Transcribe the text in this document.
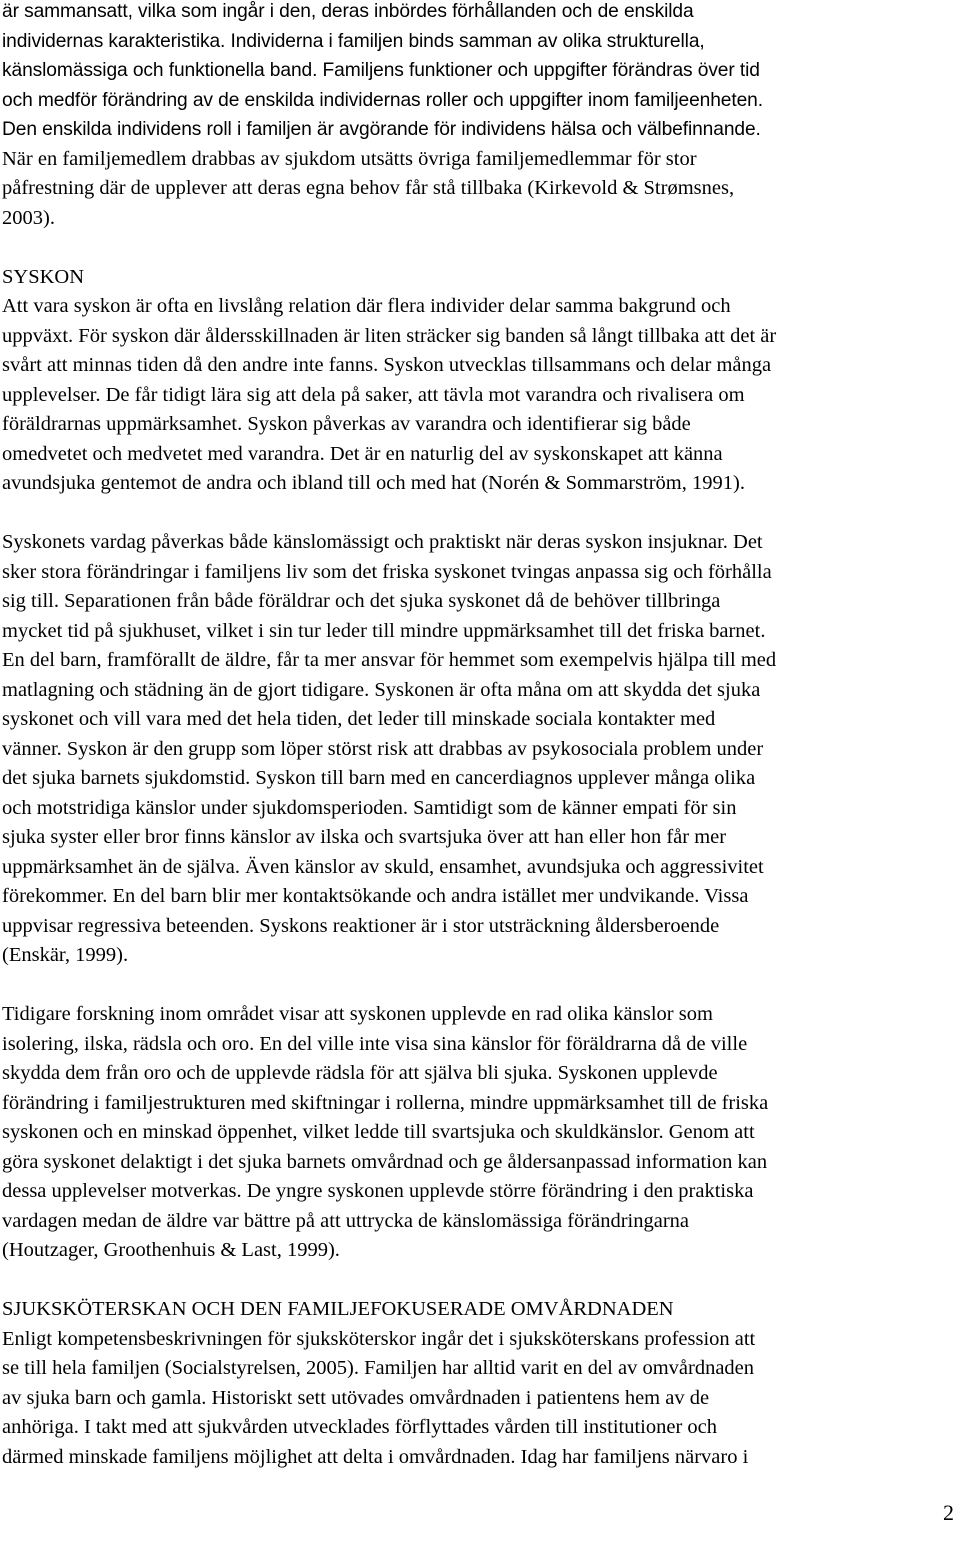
är sammansatt, vilka som ingår i den, deras inbördes förhållanden och de enskilda
individernas karakteristika. Individerna i familjen binds samman av olika strukturella,
känslomässiga och funktionella band. Familjens funktioner och uppgifter förändras över tid
och medför förändring av de enskilda individernas roller och uppgifter inom familjeenheten.
Den enskilda individens roll i familjen är avgörande för individens hälsa och välbefinnande.
När en familjemedlem drabbas av sjukdom utsätts övriga familjemedlemmar för stor
påfrestning där de upplever att deras egna behov får stå tillbaka (Kirkevold & Strømsnes,
2003).
SYSKON
Att vara syskon är ofta en livslång relation där flera individer delar samma bakgrund och
uppväxt. För syskon där åldersskillnaden är liten sträcker sig banden så långt tillbaka att det är
svårt att minnas tiden då den andre inte fanns. Syskon utvecklas tillsammans och delar många
upplevelser. De får tidigt lära sig att dela på saker, att tävla mot varandra och rivalisera om
föräldrarnas uppmärksamhet. Syskon påverkas av varandra och identifierar sig både
omedvetet och medvetet med varandra. Det är en naturlig del av syskonskapet att känna
avundsjuka gentemot de andra och ibland till och med hat (Norén & Sommarström, 1991).
Syskonets vardag påverkas både känslomässigt och praktiskt när deras syskon insjuknar. Det
sker stora förändringar i familjens liv som det friska syskonet tvingas anpassa sig och förhålla
sig till. Separationen från både föräldrar och det sjuka syskonet då de behöver tillbringa
mycket tid på sjukhuset, vilket i sin tur leder till mindre uppmärksamhet till det friska barnet.
En del barn, framförallt de äldre, får ta mer ansvar för hemmet som exempelvis hjälpa till med
matlagning och städning än de gjort tidigare. Syskonen är ofta måna om att skydda det sjuka
syskonet och vill vara med det hela tiden, det leder till minskade sociala kontakter med
vänner. Syskon är den grupp som löper störst risk att drabbas av psykosociala problem under
det sjuka barnets sjukdomstid. Syskon till barn med en cancerdiagnos upplever många olika
och motstridiga känslor under sjukdomsperioden. Samtidigt som de känner empati för sin
sjuka syster eller bror finns känslor av ilska och svartsjuka över att han eller hon får mer
uppmärksamhet än de själva. Även känslor av skuld, ensamhet, avundsjuka och aggressivitet
förekommer. En del barn blir mer kontaktsökande och andra istället mer undvikande. Vissa
uppvisar regressiva beteenden. Syskons reaktioner är i stor utsträckning åldersberoende
(Enskär, 1999).
Tidigare forskning inom området visar att syskonen upplevde en rad olika känslor som
isolering, ilska, rädsla och oro. En del ville inte visa sina känslor för föräldrarna då de ville
skydda dem från oro och de upplevde rädsla för att själva bli sjuka. Syskonen upplevde
förändring i familjestrukturen med skiftningar i rollerna, mindre uppmärksamhet till de friska
syskonen och en minskad öppenhet, vilket ledde till svartsjuka och skuldkänslor. Genom att
göra syskonet delaktigt i det sjuka barnets omvårdnad och ge åldersanpassad information kan
dessa upplevelser motverkas. De yngre syskonen upplevde större förändring i den praktiska
vardagen medan de äldre var bättre på att uttrycka de känslomässiga förändringarna
(Houtzager, Groothenhuis & Last, 1999).
SJUKSKÖTERSKAN OCH DEN FAMILJEFOKUSERADE OMVÅRDNADEN
Enligt kompetensbeskrivningen för sjuksköterskor ingår det i sjuksköterskans profession att
se till hela familjen (Socialstyrelsen, 2005). Familjen har alltid varit en del av omvårdnaden
av sjuka barn och gamla. Historiskt sett utövades omvårdnaden i patientens hem av de
anhöriga. I takt med att sjukvården utvecklades förflyttades vården till institutioner och
därmed minskade familjens möjlighet att delta i omvårdnaden. Idag har familjens närvaro i
2
